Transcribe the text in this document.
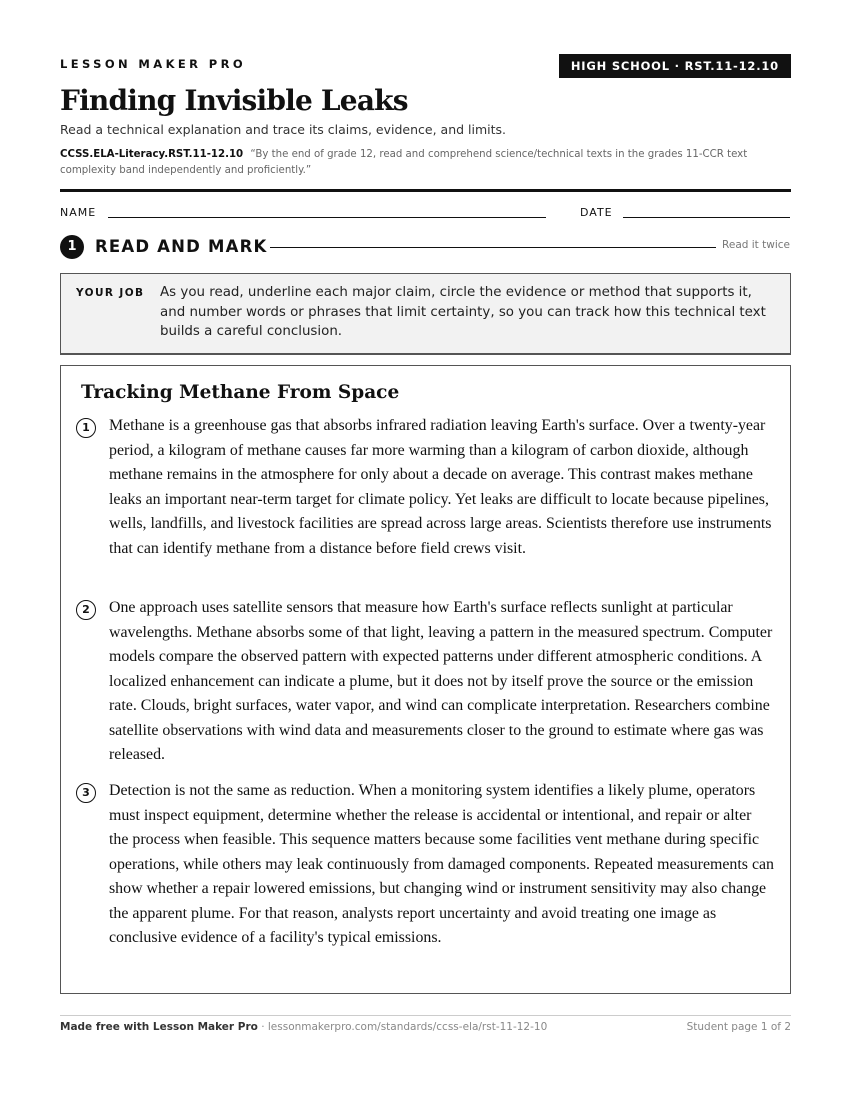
LESSON MAKER PRO	HIGH SCHOOL · RST.11-12.10
Finding Invisible Leaks
Read a technical explanation and trace its claims, evidence, and limits.
CCSS.ELA-Literacy.RST.11-12.10 “By the end of grade 12, read and comprehend science/technical texts in the grades 11-CCR text complexity band independently and proficiently.”
NAME	DATE
1	READ AND MARK	Read it twice
YOUR JOB As you read, underline each major claim, circle the evidence or method that supports it, and number words or phrases that limit certainty, so you can track how this technical text builds a careful conclusion.
Tracking Methane From Space
1	Methane is a greenhouse gas that absorbs infrared radiation leaving Earth's surface. Over a twenty-year period, a kilogram of methane causes far more warming than a kilogram of carbon dioxide, although methane remains in the atmosphere for only about a decade on average. This contrast makes methane leaks an important near-term target for climate policy. Yet leaks are difficult to locate because pipelines, wells, landfills, and livestock facilities are spread across large areas. Scientists therefore use instruments that can identify methane from a distance before field crews visit.

2	One approach uses satellite sensors that measure how Earth's surface reflects sunlight at particular wavelengths. Methane absorbs some of that light, leaving a pattern in the measured spectrum. Computer models compare the observed pattern with expected patterns under different atmospheric conditions. A localized enhancement can indicate a plume, but it does not by itself prove the source or the emission rate. Clouds, bright surfaces, water vapor, and wind can complicate interpretation. Researchers combine satellite observations with wind data and measurements closer to the ground to estimate where gas was released.

3	Detection is not the same as reduction. When a monitoring system identifies a likely plume, operators must inspect equipment, determine whether the release is accidental or intentional, and repair or alter the process when feasible. This sequence matters because some facilities vent methane during specific operations, while others may leak continuously from damaged components. Repeated measurements can show whether a repair lowered emissions, but changing wind or instrument sensitivity may also change the apparent plume. For that reason, analysts report uncertainty and avoid treating one image as conclusive evidence of a facility's typical emissions.

Made free with Lesson Maker Pro · lessonmakerpro.com/standards/ccss-ela/rst-11-12-10	Student page 1 of 2
